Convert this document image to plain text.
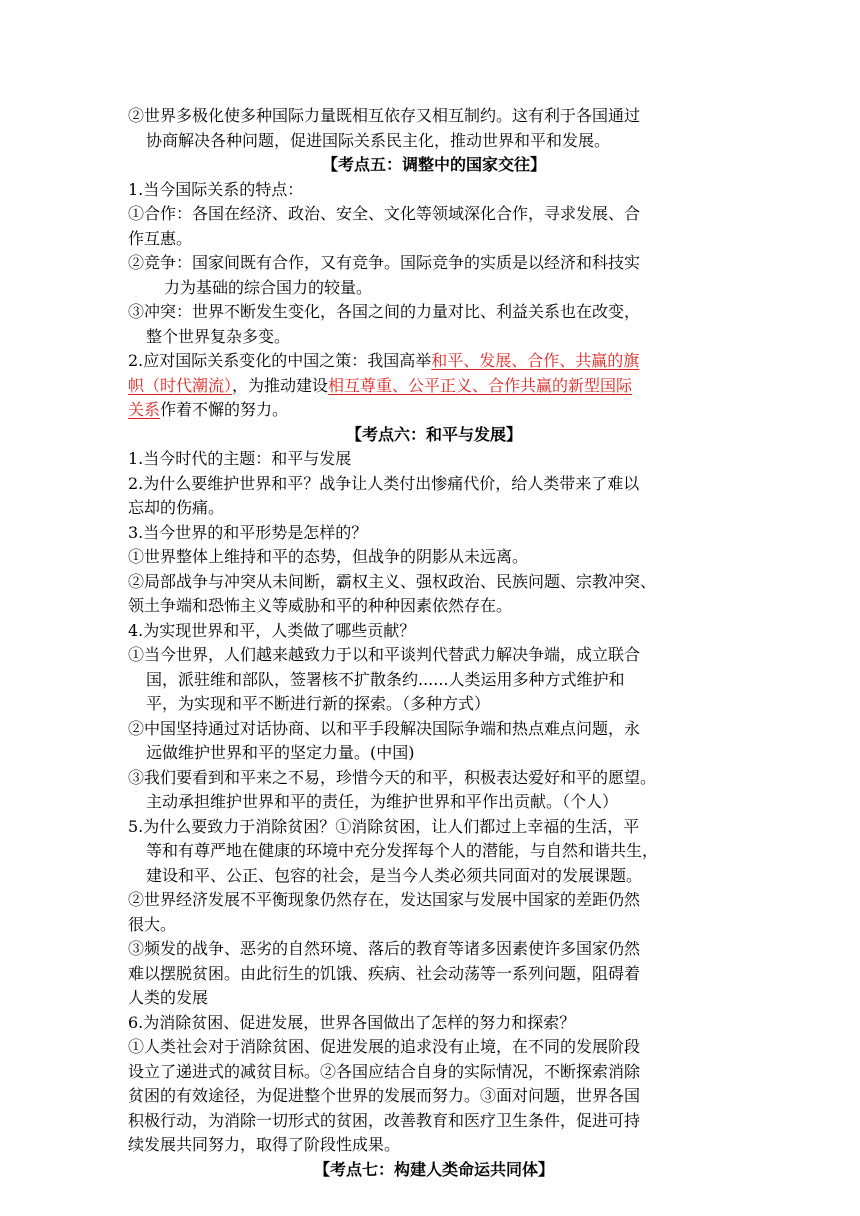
②世界多极化使多种国际力量既相互依存又相互制约。这有利于各国通过
协商解决各种问题，促进国际关系民主化，推动世界和平和发展。
【考点五：调整中的国家交往】
1.当今国际关系的特点：
①合作：各国在经济、政治、安全、文化等领域深化合作，寻求发展、合
作互惠。
②竞争：国家间既有合作，又有竞争。国际竞争的实质是以经济和科技实
力为基础的综合国力的较量。
③冲突：世界不断发生变化，各国之间的力量对比、利益关系也在改变，
整个世界复杂多变。
2.应对国际关系变化的中国之策：我国高举和平、发展、合作、共赢的旗
帜（时代潮流），为推动建设相互尊重、公平正义、合作共赢的新型国际
关系作着不懈的努力。
【考点六：和平与发展】
1.当今时代的主题：和平与发展
2.为什么要维护世界和平？战争让人类付出惨痛代价，给人类带来了难以
忘却的伤痛。
3.当今世界的和平形势是怎样的？
①世界整体上维持和平的态势，但战争的阴影从未远离。
②局部战争与冲突从未间断，霸权主义、强权政治、民族问题、宗教冲突、
领土争端和恐怖主义等威胁和平的种种因素依然存在。
4.为实现世界和平，人类做了哪些贡献？
①当今世界，人们越来越致力于以和平谈判代替武力解决争端，成立联合
国，派驻维和部队，签署核不扩散条约......人类运用多种方式维护和
平，为实现和平不断进行新的探索。（多种方式）
②中国坚持通过对话协商、以和平手段解决国际争端和热点难点问题，永
远做维护世界和平的坚定力量。(中国)
③我们要看到和平来之不易，珍惜今天的和平，积极表达爱好和平的愿望。
主动承担维护世界和平的责任，为维护世界和平作出贡献。（个人）
5.为什么要致力于消除贫困？①消除贫困，让人们都过上幸福的生活，平
等和有尊严地在健康的环境中充分发挥每个人的潜能，与自然和谐共生，
建设和平、公正、包容的社会，是当今人类必须共同面对的发展课题。
②世界经济发展不平衡现象仍然存在，发达国家与发展中国家的差距仍然
很大。
③频发的战争、恶劣的自然环境、落后的教育等诸多因素使许多国家仍然
难以摆脱贫困。由此衍生的饥饿、疾病、社会动荡等一系列问题，阻碍着
人类的发展
6.为消除贫困、促进发展，世界各国做出了怎样的努力和探索？
①人类社会对于消除贫困、促进发展的追求没有止境，在不同的发展阶段
设立了递进式的减贫目标。②各国应结合自身的实际情况，不断探索消除
贫困的有效途径，为促进整个世界的发展而努力。③面对问题，世界各国
积极行动，为消除一切形式的贫困，改善教育和医疗卫生条件，促进可持
续发展共同努力，取得了阶段性成果。
【考点七：构建人类命运共同体】
